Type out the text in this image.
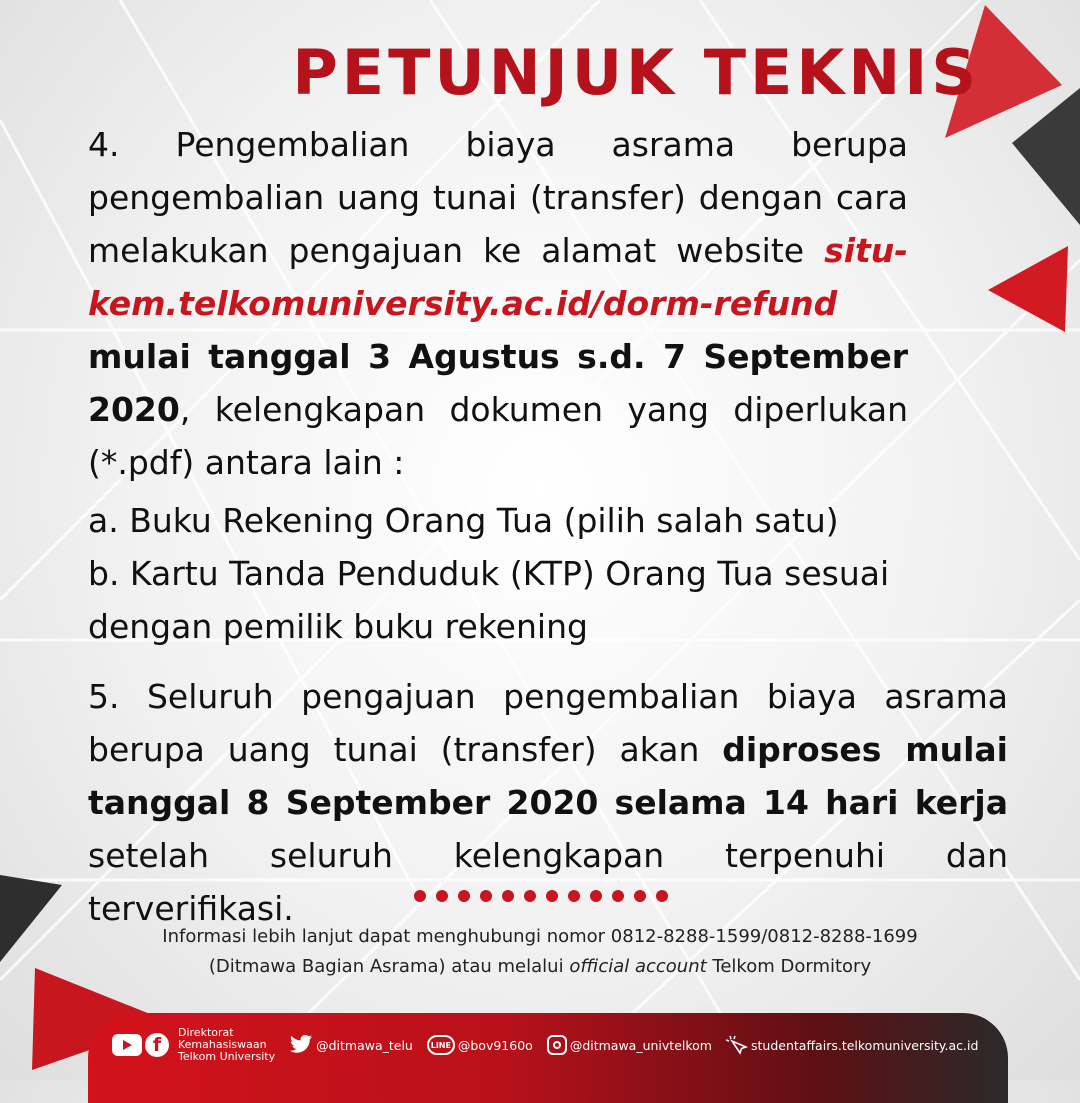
PETUNJUK TEKNIS

4. Pengembalian biaya asrama berupa pengembalian uang tunai (transfer) dengan cara melakukan pengajuan ke alamat website situ-kem.telkomuniversity.ac.id/dorm-refund mulai tanggal 3 Agustus s.d. 7 September 2020, kelengkapan dokumen yang diperlukan (*.pdf) antara lain :

a. Buku Rekening Orang Tua (pilih salah satu)

b. Kartu Tanda Penduduk (KTP) Orang Tua sesuai dengan pemilik buku rekening

5. Seluruh pengajuan pengembalian biaya asrama berupa uang tunai (transfer) akan diproses mulai tanggal 8 September 2020 selama 14 hari kerja setelah seluruh kelengkapan terpenuhi dan terverifikasi.

Informasi lebih lanjut dapat menghubungi nomor 0812-8288-1599/0812-8288-1699

(Ditmawa Bagian Asrama) atau melalui official account Telkom Dormitory

f
Direktorat
Kemahasiswaan
Telkom University
@ditmawa_telu	LINE @bov9160o	@ditmawa_univtelkom	studentaffairs.telkomuniversity.ac.id
